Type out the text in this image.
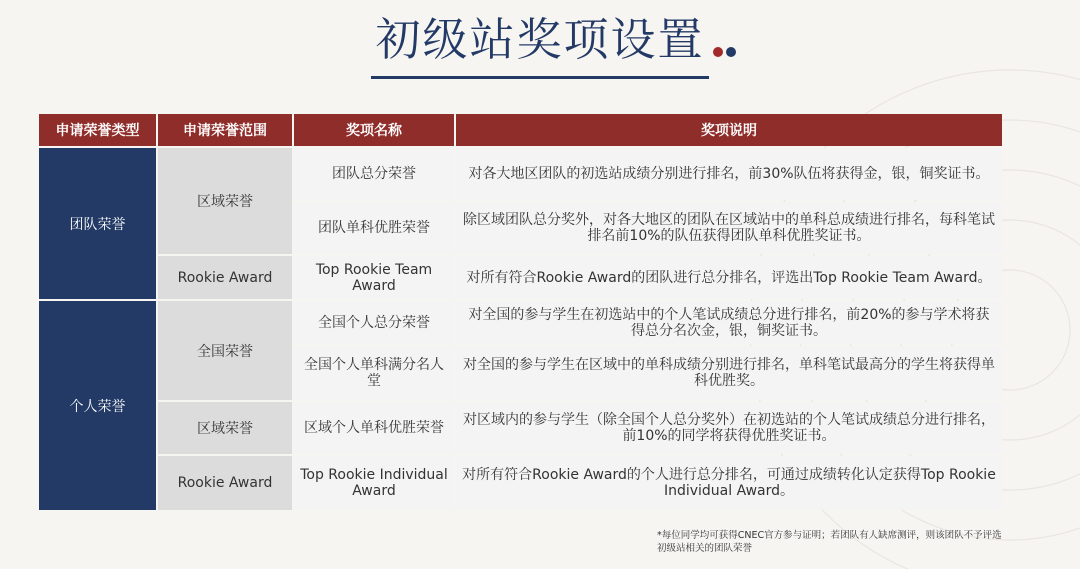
初级站奖项设置
申请荣誉类型	申请荣誉范围	奖项名称	奖项说明
团队荣誉	区域荣誉	团队总分荣誉	对各大地区团队的初选站成绩分别进行排名，前30%队伍将获得金，银，铜奖证书。
		团队单科优胜荣誉	除区域团队总分奖外，对各大地区的团队在区域站中的单科总成绩进行排名，每科笔试排名前10%的队伍获得团队单科优胜奖证书。
	Rookie Award	Top Rookie Team Award	对所有符合Rookie Award的团队进行总分排名，评选出Top Rookie Team Award。
个人荣誉	全国荣誉	全国个人总分荣誉	对全国的参与学生在初选站中的个人笔试成绩总分进行排名，前20%的参与学术将获得总分名次金，银，铜奖证书。
		全国个人单科满分名人堂	对全国的参与学生在区域中的单科成绩分别进行排名，单科笔试最高分的学生将获得单科优胜奖。
	区域荣誉	区域个人单科优胜荣誉	对区域内的参与学生（除全国个人总分奖外）在初选站的个人笔试成绩总分进行排名，前10%的同学将获得优胜奖证书。
	Rookie Award	Top Rookie Individual Award	对所有符合Rookie Award的个人进行总分排名，可通过成绩转化认定获得Top Rookie Individual Award。
*每位同学均可获得CNEC官方参与证明；若团队有人缺席测评，则该团队不予评选初级站相关的团队荣誉
